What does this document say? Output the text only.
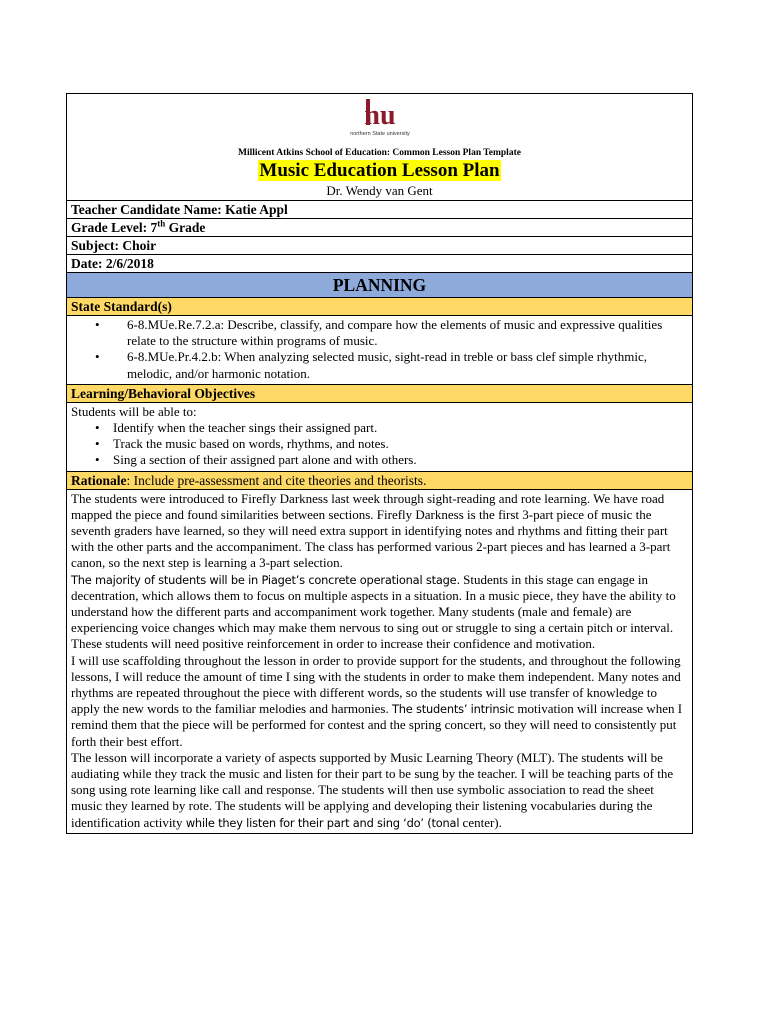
nu
northern State university
Millicent Atkins School of Education: Common Lesson Plan Template
Music Education Lesson Plan
Dr. Wendy van Gent
Teacher Candidate Name: Katie Appl
Grade Level: 7th Grade
Subject: Choir
Date: 2/6/2018
PLANNING
State Standard(s)
• 6-8.MUe.Re.7.2.a: Describe, classify, and compare how the elements of music and expressive qualities relate to the structure within programs of music.
• 6-8.MUe.Pr.4.2.b: When analyzing selected music, sight-read in treble or bass clef simple rhythmic, melodic, and/or harmonic notation.
Learning/Behavioral Objectives

Students will be able to:

• Identify when the teacher sings their assigned part.
• Track the music based on words, rhythms, and notes.
• Sing a section of their assigned part alone and with others.
Rationale: Include pre-assessment and cite theories and theorists.

The students were introduced to Firefly Darkness last week through sight-reading and rote learning. We have road mapped the piece and found similarities between sections. Firefly Darkness is the first 3-part piece of music the seventh graders have learned, so they will need extra support in identifying notes and rhythms and fitting their part with the other parts and the accompaniment. The class has performed various 2-part pieces and has learned a 3-part canon, so the next step is learning a 3-part selection.

The majority of students will be in Piaget’s concrete operational stage. Students in this stage can engage in decentration, which allows them to focus on multiple aspects in a situation. In a music piece, they have the ability to understand how the different parts and accompaniment work together. Many students (male and female) are experiencing voice changes which may make them nervous to sing out or struggle to sing a certain pitch or interval. These students will need positive reinforcement in order to increase their confidence and motivation.

I will use scaffolding throughout the lesson in order to provide support for the students, and throughout the following lessons, I will reduce the amount of time I sing with the students in order to make them independent. Many notes and rhythms are repeated throughout the piece with different words, so the students will use transfer of knowledge to apply the new words to the familiar melodies and harmonies. The students’ intrinsic motivation will increase when I remind them that the piece will be performed for contest and the spring concert, so they will need to consistently put forth their best effort.

The lesson will incorporate a variety of aspects supported by Music Learning Theory (MLT). The students will be audiating while they track the music and listen for their part to be sung by the teacher. I will be teaching parts of the song using rote learning like call and response. The students will then use symbolic association to read the sheet music they learned by rote. The students will be applying and developing their listening vocabularies during the identification activity while they listen for their part and sing ‘do’ (tonal center).
